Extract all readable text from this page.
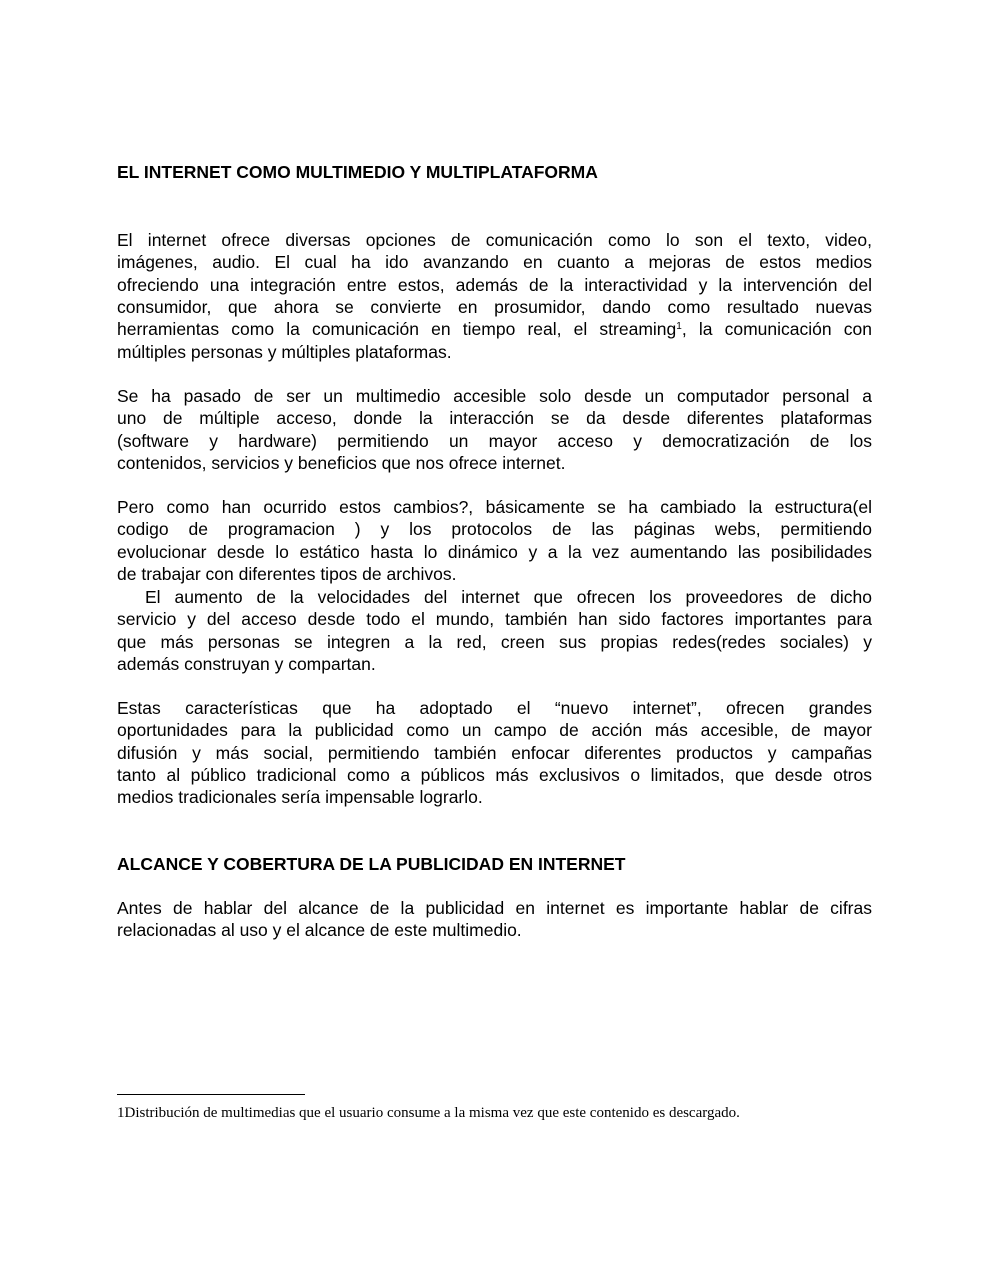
EL INTERNET COMO MULTIMEDIO Y MULTIPLATAFORMA
El internet ofrece diversas opciones de comunicación como lo son el texto, video,
imágenes, audio. El cual ha ido avanzando en cuanto a mejoras de estos medios
ofreciendo una integración entre estos, además de la interactividad y la intervención del
consumidor, que ahora se convierte en prosumidor, dando como resultado nuevas
herramientas como la comunicación en tiempo real, el streaming$^1$, la comunicación con
múltiples personas y múltiples plataformas.
Se ha pasado de ser un multimedio accesible solo desde un computador personal a
uno de múltiple acceso, donde la interacción se da desde diferentes plataformas
(software y hardware) permitiendo un mayor acceso y democratización de los
contenidos, servicios y beneficios que nos ofrece internet.
Pero como han ocurrido estos cambios?, básicamente se ha cambiado la estructura(el
codigo de programacion ) y los protocolos de las páginas webs, permitiendo
evolucionar desde lo estático hasta lo dinámico y a la vez aumentando las posibilidades
de trabajar con diferentes tipos de archivos.
El aumento de la velocidades del internet que ofrecen los proveedores de dicho
servicio y del acceso desde todo el mundo, también han sido factores importantes para
que más personas se integren a la red, creen sus propias redes(redes sociales) y
además construyan y compartan.
Estas características que ha adoptado el “nuevo internet”, ofrecen grandes
oportunidades para la publicidad como un campo de acción más accesible, de mayor
difusión y más social, permitiendo también enfocar diferentes productos y campañas
tanto al público tradicional como a públicos más exclusivos o limitados, que desde otros
medios tradicionales sería impensable lograrlo.
ALCANCE Y COBERTURA DE LA PUBLICIDAD EN INTERNET
Antes de hablar del alcance de la publicidad en internet es importante hablar de cifras
relacionadas al uso y el alcance de este multimedio.
1Distribución de multimedias que el usuario consume a la misma vez que este contenido es descargado.
